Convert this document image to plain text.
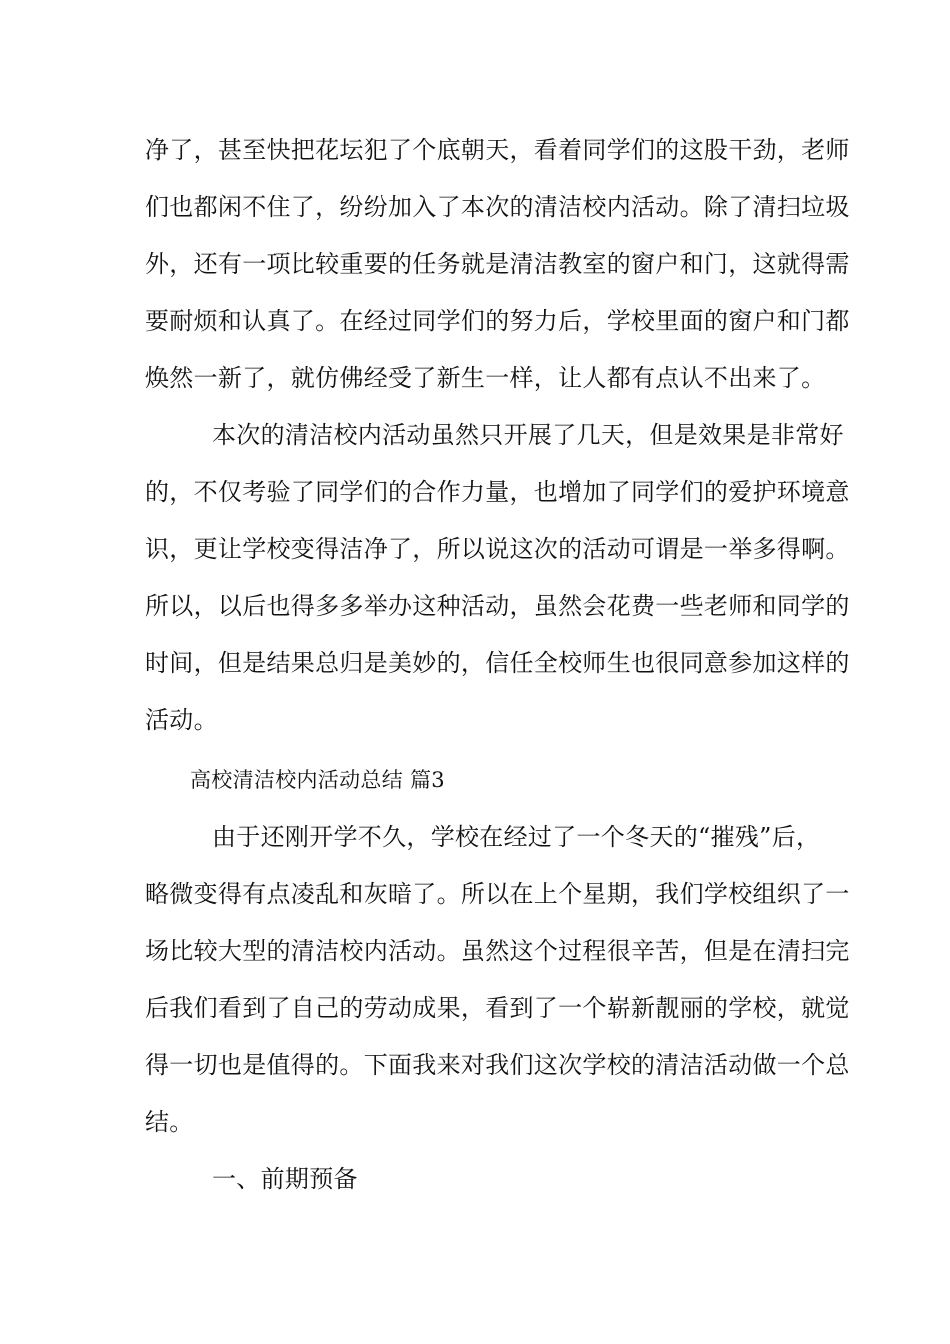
净了，甚至快把花坛犯了个底朝天，看着同学们的这股干劲，老师
们也都闲不住了，纷纷加入了本次的清洁校内活动。除了清扫垃圾
外，还有一项比较重要的任务就是清洁教室的窗户和门，这就得需
要耐烦和认真了。在经过同学们的努力后，学校里面的窗户和门都
焕然一新了，就仿佛经受了新生一样，让人都有点认不出来了。
本次的清洁校内活动虽然只开展了几天，但是效果是非常好
的，不仅考验了同学们的合作力量，也增加了同学们的爱护环境意
识，更让学校变得洁净了，所以说这次的活动可谓是一举多得啊。
所以，以后也得多多举办这种活动，虽然会花费一些老师和同学的
时间，但是结果总归是美妙的，信任全校师生也很同意参加这样的
活动。
高校清洁校内活动总结 篇3
由于还刚开学不久，学校在经过了一个冬天的“摧残”后，
略微变得有点凌乱和灰暗了。所以在上个星期，我们学校组织了一
场比较大型的清洁校内活动。虽然这个过程很辛苦，但是在清扫完
后我们看到了自己的劳动成果，看到了一个崭新靓丽的学校，就觉
得一切也是值得的。下面我来对我们这次学校的清洁活动做一个总
结。
一、前期预备
